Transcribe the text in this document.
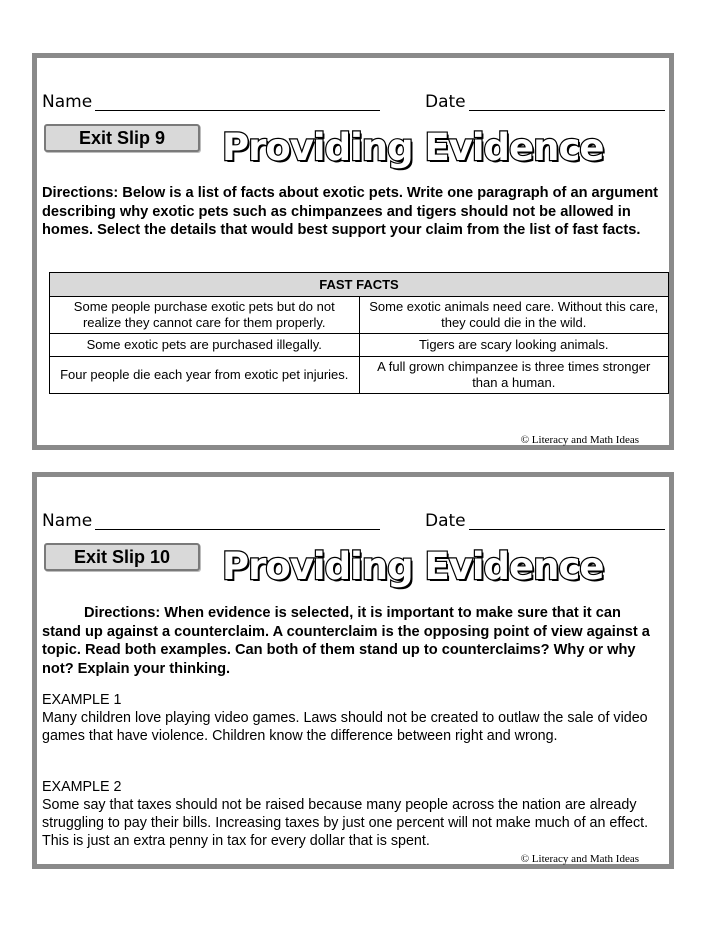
Name	Date
Exit Slip 9	Providing Evidence
Directions: Below is a list of facts about exotic pets. Write one paragraph of an argument describing why exotic pets such as chimpanzees and tigers should not be allowed in homes. Select the details that would best support your claim from the list of fast facts.
FAST FACTS	
Some people purchase exotic pets but do not realize they cannot care for them properly.	Some exotic animals need care. Without this care, they could die in the wild.
Some exotic pets are purchased illegally.	Tigers are scary looking animals.
Four people die each year from exotic pet injuries.	A full grown chimpanzee is three times stronger than a human.
© Literacy and Math Ideas
Name	Date
Exit Slip 10	Providing Evidence
Directions: When evidence is selected, it is important to make sure that it can stand up against a counterclaim. A counterclaim is the opposing point of view against a topic. Read both examples. Can both of them stand up to counterclaims? Why or why not? Explain your thinking.
EXAMPLE 1
Many children love playing video games. Laws should not be created to outlaw the sale of video games that have violence. Children know the difference between right and wrong.
EXAMPLE 2
Some say that taxes should not be raised because many people across the nation are already struggling to pay their bills. Increasing taxes by just one percent will not make much of an effect. This is just an extra penny in tax for every dollar that is spent.
© Literacy and Math Ideas
